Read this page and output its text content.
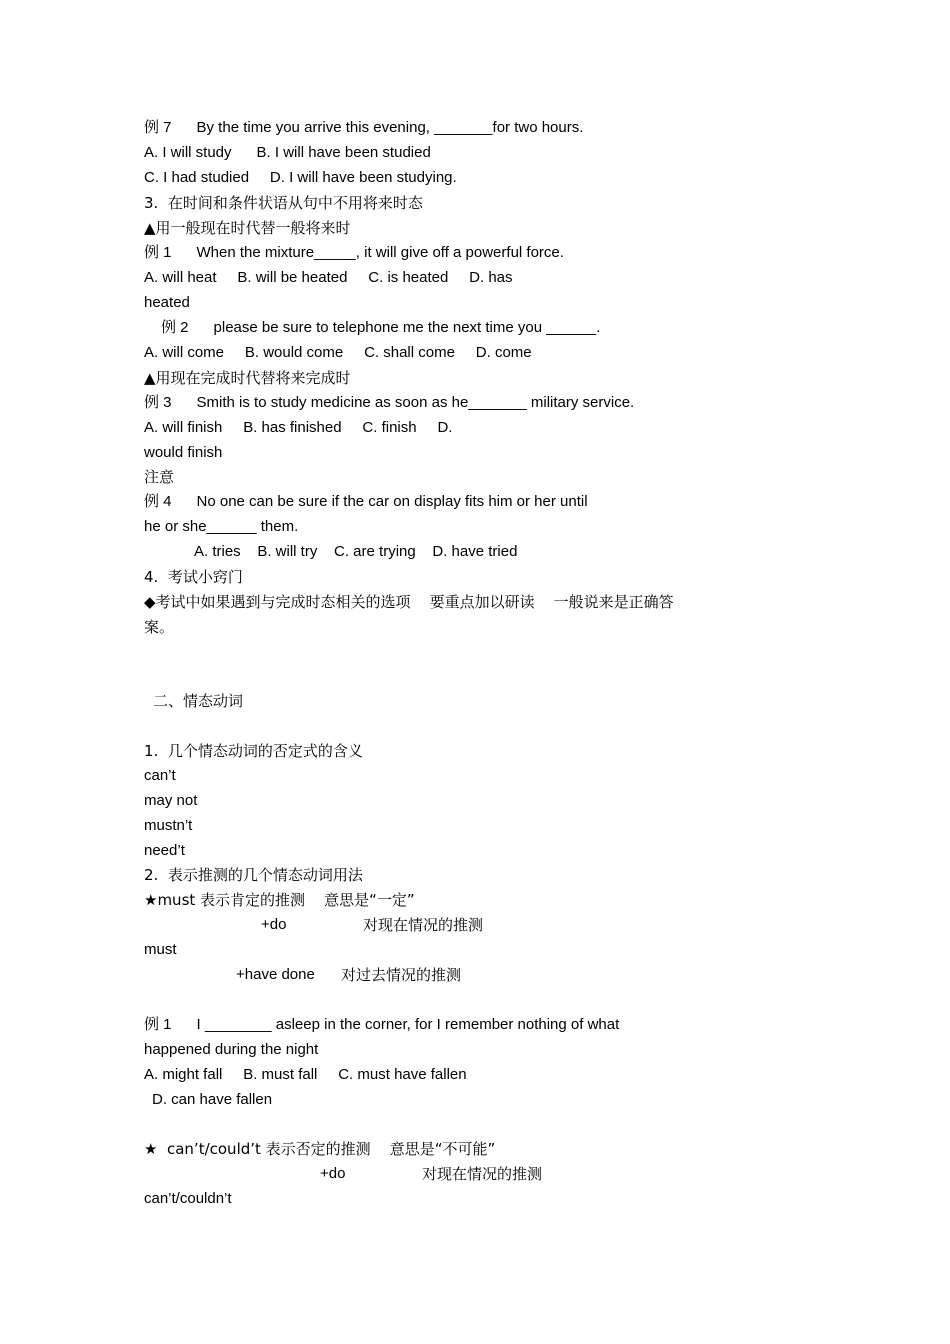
例 7      By the time you arrive this evening, _______for two hours.
A. I will study      B. I will have been studied
C. I had studied     D. I will have been studying.
3.  在时间和条件状语从句中不用将来时态
▲用一般现在时代替一般将来时
例 1      When the mixture_____, it will give off a powerful force.
A. will heat     B. will be heated     C. is heated     D. has
heated
例 2      please be sure to telephone me the next time you ______.
A. will come     B. would come     C. shall come     D. come
▲用现在完成时代替将来完成时
例 3      Smith is to study medicine as soon as he_______ military service.
A. will finish     B. has finished     C. finish     D.
would finish
注意
例 4      No one can be sure if the car on display fits him or her until
he or she______ them.
A. tries    B. will try    C. are trying    D. have tried
4.  考试小窍门
◆考试中如果遇到与完成时态相关的选项    要重点加以研读    一般说来是正确答
案。
二、情态动词
1.  几个情态动词的否定式的含义
can’t
may not
mustn’t
need’t
2.  表示推测的几个情态动词用法
★must 表示肯定的推测    意思是“一定”
+do	对现在情况的推测
must
+have done 对过去情况的推测
例 1      I ________ asleep in the corner, for I remember nothing of what
happened during the night
A. might fall     B. must fall     C. must have fallen
D. can have fallen
★  can’t/could’t 表示否定的推测    意思是“不可能”
+do	对现在情况的推测
can’t/couldn’t
